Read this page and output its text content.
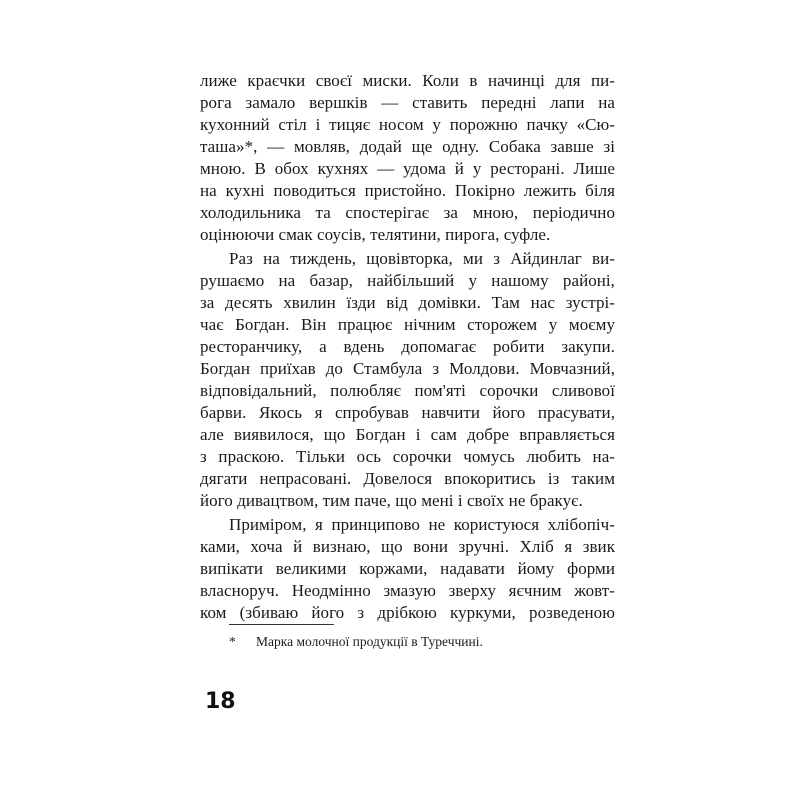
лиже краєчки своєї миски. Коли в начинці для пи-
рога замало вершків — ставить передні лапи на
кухонний стіл і тицяє носом у порожню пачку «Сю-
таша»*, — мовляв, додай ще одну. Собака завше зі
мною. В обох кухнях — удома й у ресторані. Лише
на кухні поводиться пристойно. Покірно лежить біля
холодильника та спостерігає за мною, періодично
оцінюючи смак соусів, телятини, пирога, суфле.
Раз на тиждень, щовівторка, ми з Айдинлаг ви-
рушаємо на базар, найбільший у нашому районі,
за десять хвилин їзди від домівки. Там нас зустрі-
чає Богдан. Він працює нічним сторожем у моєму
ресторанчику, а вдень допомагає робити закупи.
Богдан приїхав до Стамбула з Молдови. Мовчазний,
відповідальний, полюбляє пом'яті сорочки сливової
барви. Якось я спробував навчити його прасувати,
але виявилося, що Богдан і сам добре вправляється
з праскою. Тільки ось сорочки чомусь любить на-
дягати непрасовані. Довелося впокоритись із таким
його дивацтвом, тим паче, що мені і своїх не бракує.
Приміром, я принципово не користуюся хлібопіч-
ками, хоча й визнаю, що вони зручні. Хліб я звик
випікати великими коржами, надавати йому форми
власноруч. Неодмінно змазую зверху яєчним жовт-
ком (збиваю його з дрібкою куркуми, розведеною
* Марка молочної продукції в Туреччині.
18
